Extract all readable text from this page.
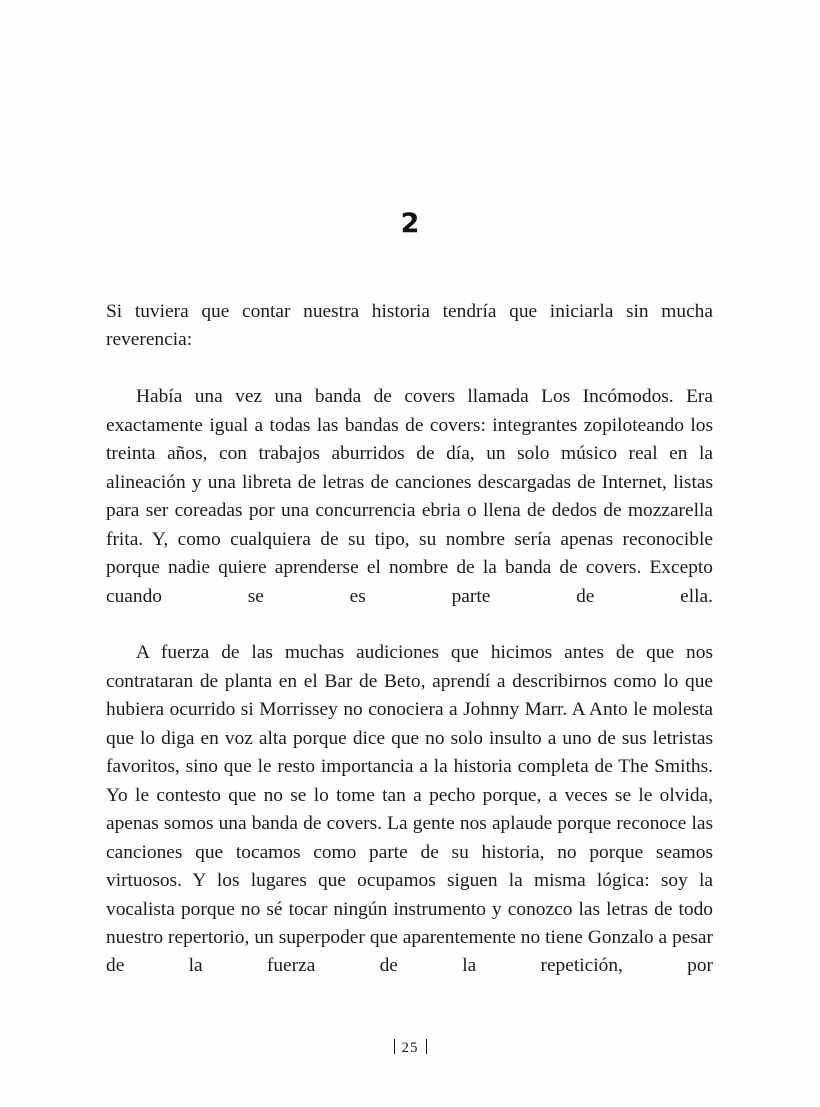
2

Si tuviera que contar nuestra historia tendría que iniciarla sin mucha reverencia:

Había una vez una banda de covers llamada Los Incómodos. Era exactamente igual a todas las bandas de covers: integrantes zopiloteando los treinta años, con trabajos aburridos de día, un solo músico real en la alineación y una libreta de letras de canciones descargadas de Internet, listas para ser coreadas por una concurrencia ebria o llena de dedos de mozzarella frita. Y, como cualquiera de su tipo, su nombre sería apenas reconocible porque nadie quiere aprenderse el nombre de la banda de covers. Excepto cuando se es parte de ella.

A fuerza de las muchas audiciones que hicimos antes de que nos contrataran de planta en el Bar de Beto, aprendí a describirnos como lo que hubiera ocurrido si Morrissey no conociera a Johnny Marr. A Anto le molesta que lo diga en voz alta porque dice que no solo insulto a uno de sus letristas favoritos, sino que le resto importancia a la historia completa de The Smiths. Yo le contesto que no se lo tome tan a pecho porque, a veces se le olvida, apenas somos una banda de covers. La gente nos aplaude porque reconoce las canciones que tocamos como parte de su historia, no porque seamos virtuosos. Y los lugares que ocupamos siguen la misma lógica: soy la vocalista porque no sé tocar ningún instrumento y conozco las letras de todo nuestro repertorio, un superpoder que aparentemente no tiene Gonzalo a pesar de la fuerza de la repetición, por

25
